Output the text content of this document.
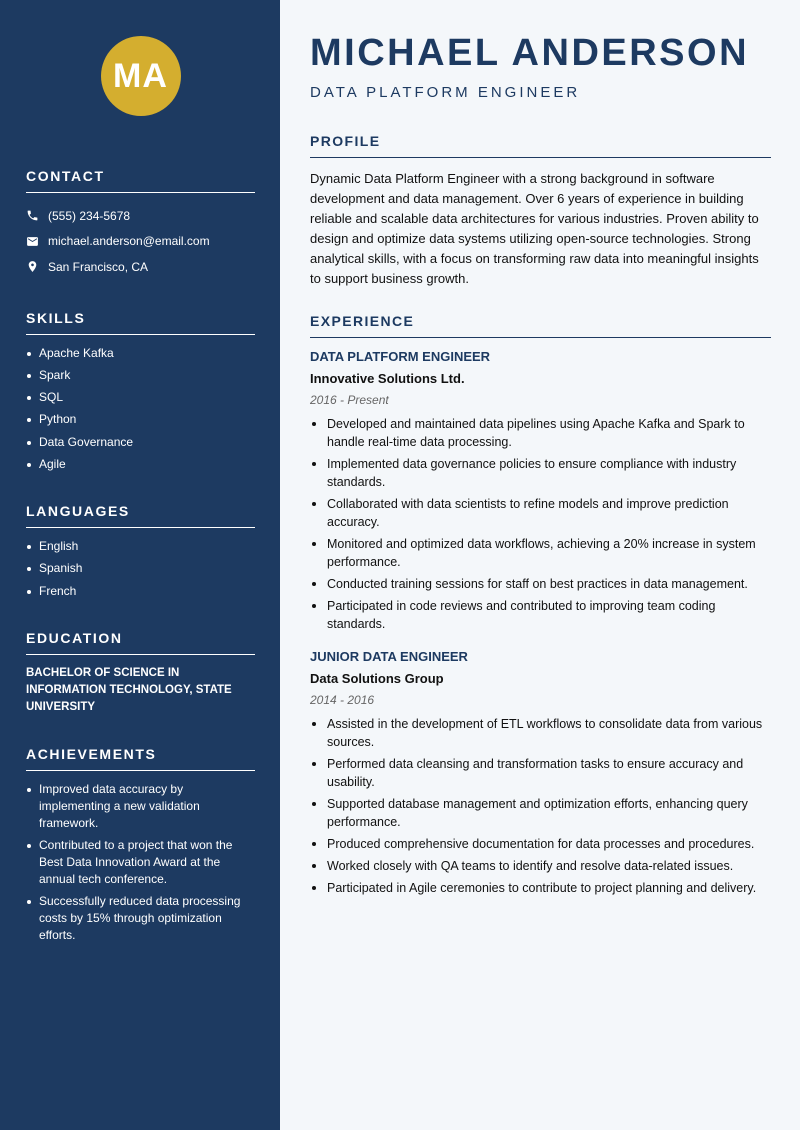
MA
CONTACT
(555) 234-5678
michael.anderson@email.com
San Francisco, CA
SKILLS
Apache Kafka
Spark
SQL
Python
Data Governance
Agile
LANGUAGES
English
Spanish
French
EDUCATION
BACHELOR OF SCIENCE IN INFORMATION TECHNOLOGY, STATE UNIVERSITY
ACHIEVEMENTS
Improved data accuracy by implementing a new validation framework.
Contributed to a project that won the Best Data Innovation Award at the annual tech conference.
Successfully reduced data processing costs by 15% through optimization efforts.
MICHAEL ANDERSON
DATA PLATFORM ENGINEER
PROFILE

Dynamic Data Platform Engineer with a strong background in software development and data management. Over 6 years of experience in building reliable and scalable data architectures for various industries. Proven ability to design and optimize data systems utilizing open-source technologies. Strong analytical skills, with a focus on transforming raw data into meaningful insights to support business growth.

EXPERIENCE
DATA PLATFORM ENGINEER
Innovative Solutions Ltd.
2016 - Present
Developed and maintained data pipelines using Apache Kafka and Spark to handle real-time data processing.
Implemented data governance policies to ensure compliance with industry standards.
Collaborated with data scientists to refine models and improve prediction accuracy.
Monitored and optimized data workflows, achieving a 20% increase in system performance.
Conducted training sessions for staff on best practices in data management.
Participated in code reviews and contributed to improving team coding standards.
JUNIOR DATA ENGINEER
Data Solutions Group
2014 - 2016
Assisted in the development of ETL workflows to consolidate data from various sources.
Performed data cleansing and transformation tasks to ensure accuracy and usability.
Supported database management and optimization efforts, enhancing query performance.
Produced comprehensive documentation for data processes and procedures.
Worked closely with QA teams to identify and resolve data-related issues.
Participated in Agile ceremonies to contribute to project planning and delivery.
